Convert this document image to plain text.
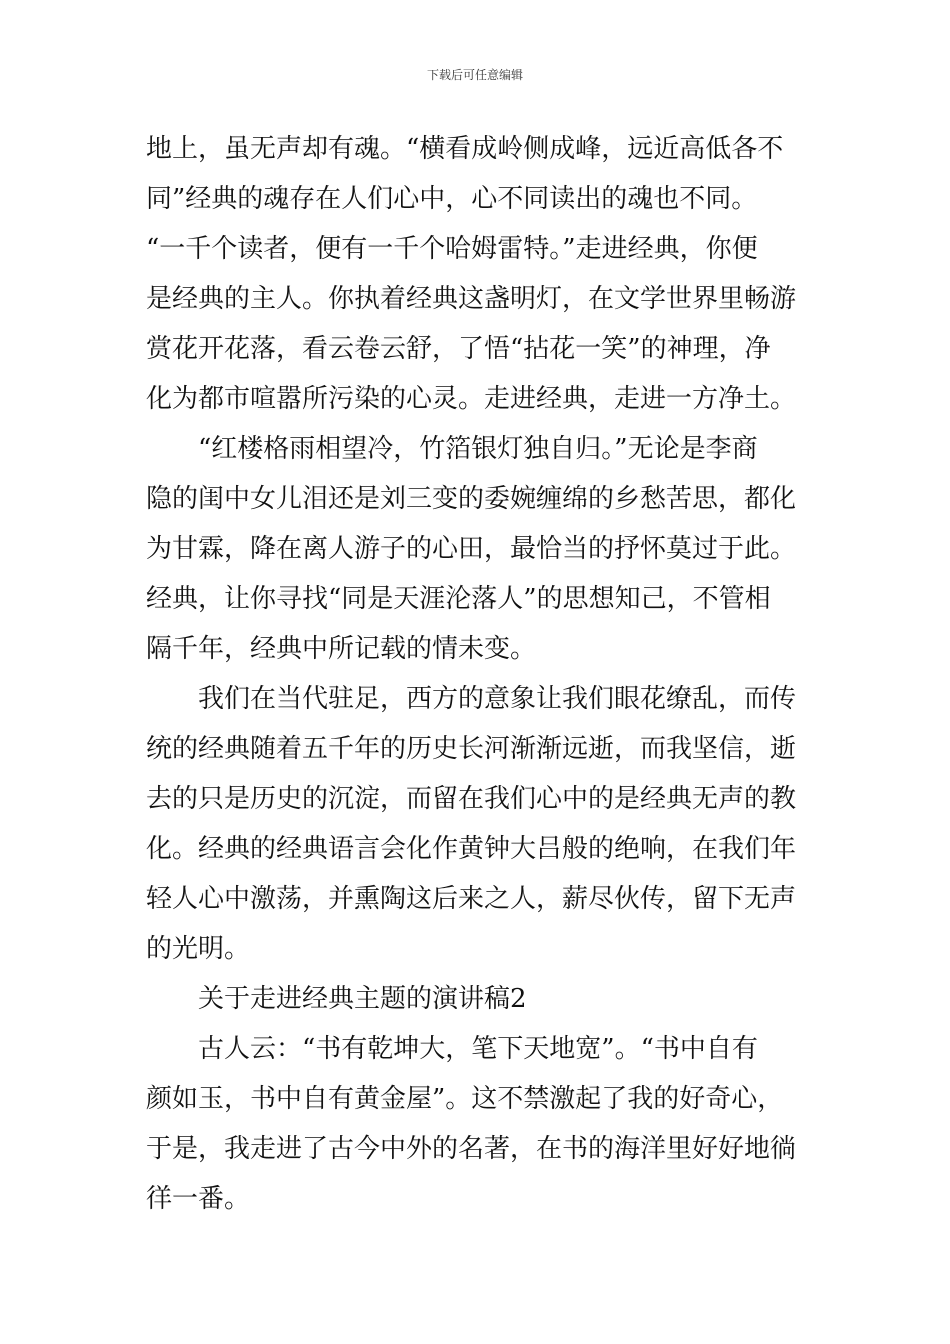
下载后可任意编辑
地上，虽无声却有魂。“横看成岭侧成峰，远近高低各不
同”经典的魂存在人们心中，心不同读出的魂也不同。
“一千个读者，便有一千个哈姆雷特。”走进经典，你便
是经典的主人。你执着经典这盏明灯，在文学世界里畅游
赏花开花落，看云卷云舒，了悟“拈花一笑”的神理，净
化为都市喧嚣所污染的心灵。走进经典，走进一方净土。
“红楼格雨相望冷，竹箔银灯独自归。”无论是李商
隐的闺中女儿泪还是刘三变的委婉缠绵的乡愁苦思，都化
为甘霖，降在离人游子的心田，最恰当的抒怀莫过于此。
经典，让你寻找“同是天涯沦落人”的思想知己，不管相
隔千年，经典中所记载的情未变。
我们在当代驻足，西方的意象让我们眼花缭乱，而传
统的经典随着五千年的历史长河渐渐远逝，而我坚信，逝
去的只是历史的沉淀，而留在我们心中的是经典无声的教
化。经典的经典语言会化作黄钟大吕般的绝响，在我们年
轻人心中激荡，并熏陶这后来之人，薪尽伙传，留下无声
的光明。
关于走进经典主题的演讲稿2
古人云：“书有乾坤大，笔下天地宽”。“书中自有
颜如玉，书中自有黄金屋”。这不禁激起了我的好奇心，
于是，我走进了古今中外的名著，在书的海洋里好好地徜
徉一番。
